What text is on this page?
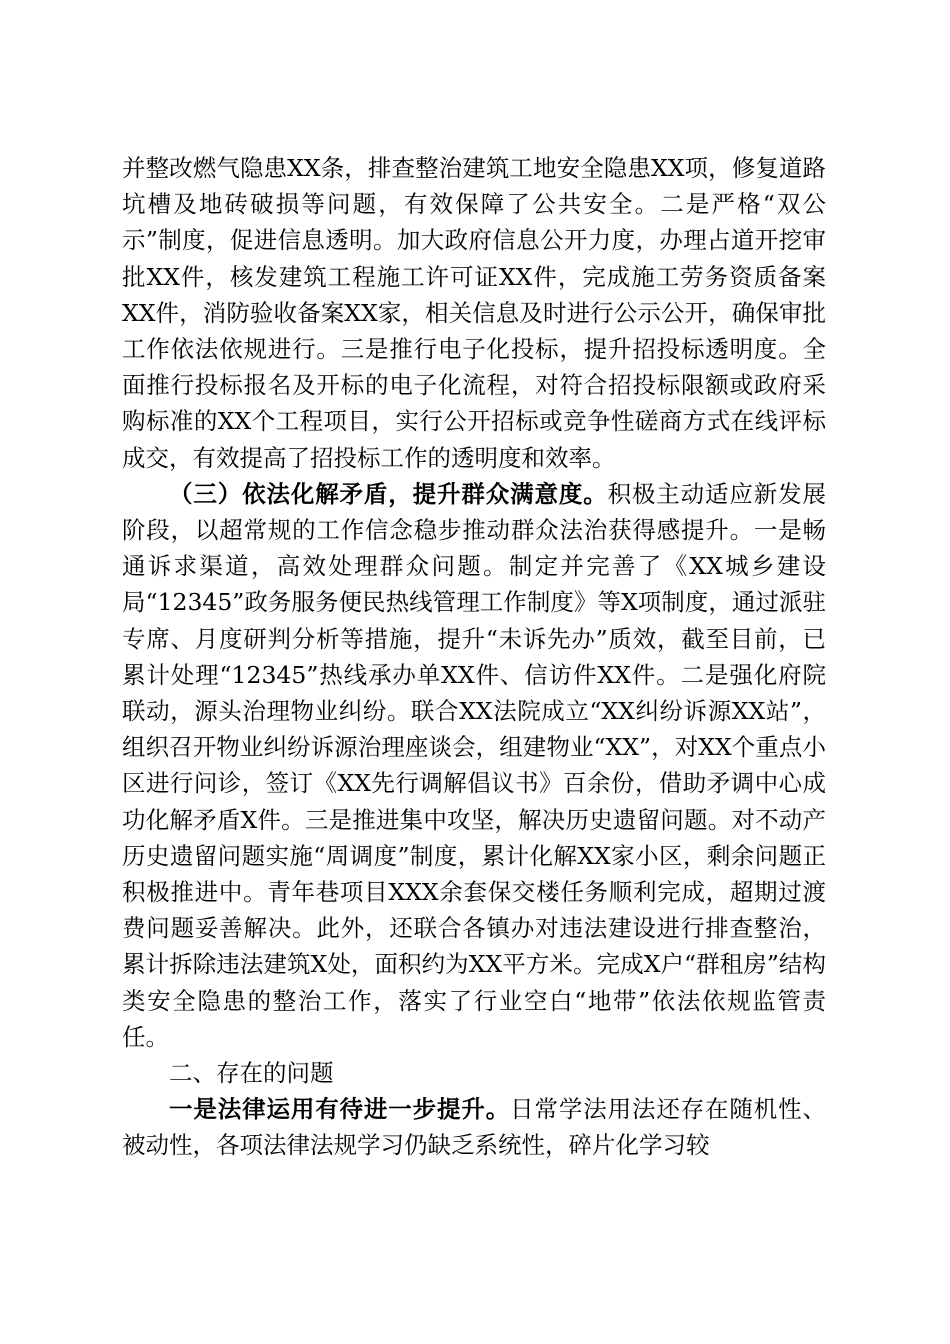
并整改燃气隐患XX条，排查整治建筑工地安全隐患XX项，修复道路坑槽及地砖破损等问题，有效保障了公共安全。二是严格“双公示”制度，促进信息透明。加大政府信息公开力度，办理占道开挖审批XX件，核发建筑工程施工许可证XX件，完成施工劳务资质备案XX件，消防验收备案XX家，相关信息及时进行公示公开，确保审批工作依法依规进行。三是推行电子化投标，提升招投标透明度。全面推行投标报名及开标的电子化流程，对符合招投标限额或政府采购标准的XX个工程项目，实行公开招标或竞争性磋商方式在线评标成交，有效提高了招投标工作的透明度和效率。

（三）依法化解矛盾，提升群众满意度。积极主动适应新发展阶段，以超常规的工作信念稳步推动群众法治获得感提升。一是畅通诉求渠道，高效处理群众问题。制定并完善了《XX城乡建设局“12345”政务服务便民热线管理工作制度》等X项制度，通过派驻专席、月度研判分析等措施，提升“未诉先办”质效，截至目前，已累计处理“12345”热线承办单XX件、信访件XX件。二是强化府院联动，源头治理物业纠纷。联合XX法院成立“XX纠纷诉源XX站”，组织召开物业纠纷诉源治理座谈会，组建物业“XX”，对XX个重点小区进行问诊，签订《XX先行调解倡议书》百余份，借助矛调中心成功化解矛盾X件。三是推进集中攻坚，解决历史遗留问题。对不动产历史遗留问题实施“周调度”制度，累计化解XX家小区，剩余问题正积极推进中。青年巷项目XXX余套保交楼任务顺利完成，超期过渡费问题妥善解决。此外，还联合各镇办对违法建设进行排查整治，累计拆除违法建筑X处，面积约为XX平方米。完成X户“群租房”结构类安全隐患的整治工作，落实了行业空白“地带”依法依规监管责任。

二、存在的问题

一是法律运用有待进一步提升。日常学法用法还存在随机性、被动性，各项法律法规学习仍缺乏系统性，碎片化学习较
